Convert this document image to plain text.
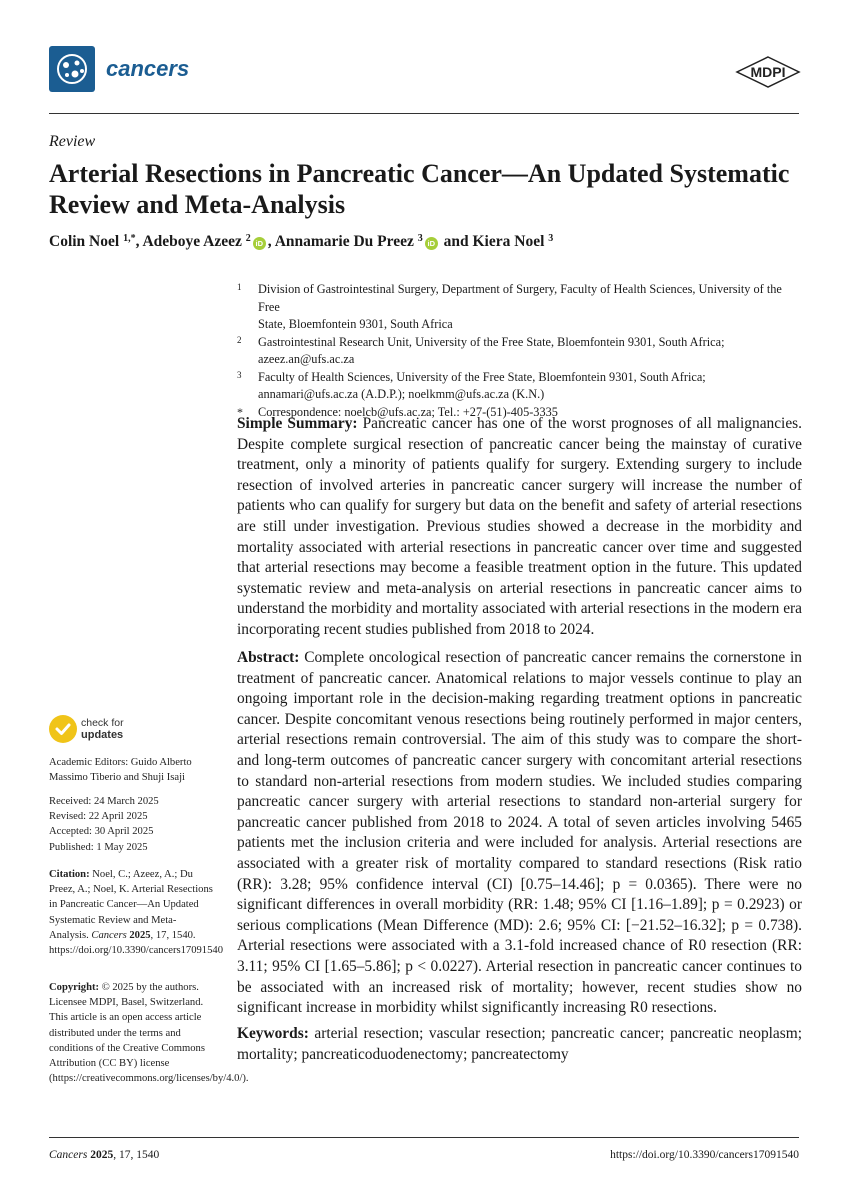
cancers	MDPI
Review
Arterial Resections in Pancreatic Cancer—An Updated Systematic Review and Meta-Analysis
Colin Noel $^{1,*}$, Adeboye Azeez $^2$ iD , Annamarie Du Preez $^3$ iD and Kiera Noel $^3$
1 Division of Gastrointestinal Surgery, Department of Surgery, Faculty of Health Sciences, University of the Free
State, Bloemfontein 9301, South Africa
2 Gastrointestinal Research Unit, University of the Free State, Bloemfontein 9301, South Africa;
azeez.an@ufs.ac.za
3 Faculty of Health Sciences, University of the Free State, Bloemfontein 9301, South Africa;
annamari@ufs.ac.za (A.D.P.); noelkmm@ufs.ac.za (K.N.)
* Correspondence: noelcb@ufs.ac.za; Tel.: +27-(51)-405-3335
Simple Summary: Pancreatic cancer has one of the worst prognoses of all malignancies. Despite complete surgical resection of pancreatic cancer being the mainstay of curative treatment, only a minority of patients qualify for surgery. Extending surgery to include resection of involved arteries in pancreatic cancer surgery will increase the number of patients who can qualify for surgery but data on the benefit and safety of arterial resections are still under investigation. Previous studies showed a decrease in the morbidity and mortality associated with arterial resections in pancreatic cancer over time and suggested that arterial resections may become a feasible treatment option in the future. This updated systematic review and meta-analysis on arterial resections in pancreatic cancer aims to understand the morbidity and mortality associated with arterial resections in the modern era incorporating recent studies published from 2018 to 2024.
Abstract: Complete oncological resection of pancreatic cancer remains the cornerstone in treatment of pancreatic cancer. Anatomical relations to major vessels continue to play an ongoing important role in the decision-making regarding treatment options in pancreatic cancer. Despite concomitant venous resections being routinely performed in major centers, arterial resections remain controversial. The aim of this study was to compare the short- and long-term outcomes of pancreatic cancer surgery with concomitant arterial resections to standard non-arterial resections from modern studies. We included studies comparing pancreatic cancer surgery with arterial resections to standard non-arterial surgery for pancreatic cancer published from 2018 to 2024. A total of seven articles involving 5465 patients met the inclusion criteria and were included for analysis. Arterial resections are associated with a greater risk of mortality compared to standard resections (Risk ratio (RR): 3.28; 95% confidence interval (CI) [0.75–14.46]; p = 0.0365). There were no significant differences in overall morbidity (RR: 1.48; 95% CI [1.16–1.89]; p = 0.2923) or serious complications (Mean Difference (MD): 2.6; 95% CI: [−21.52–16.32]; p = 0.738). Arterial resections were associated with a 3.1-fold increased chance of R0 resection (RR: 3.11; 95% CI [1.65–5.86]; p < 0.0227). Arterial resection in pancreatic cancer continues to be associated with an increased risk of mortality; however, recent studies show no significant increase in morbidity whilst significantly increasing R0 resections.
Keywords: arterial resection; vascular resection; pancreatic cancer; pancreatic neoplasm; mortality; pancreaticoduodenectomy; pancreatectomy
check for
updates
Academic Editors: Guido Alberto Massimo Tiberio and Shuji Isaji
Received: 24 March 2025
Revised: 22 April 2025
Accepted: 30 April 2025
Published: 1 May 2025
Citation: Noel, C.; Azeez, A.; Du Preez, A.; Noel, K. Arterial Resections in Pancreatic Cancer—An Updated Systematic Review and Meta-Analysis. Cancers 2025, 17, 1540. https://doi.org/10.3390/cancers17091540
Copyright: © 2025 by the authors. Licensee MDPI, Basel, Switzerland. This article is an open access article distributed under the terms and conditions of the Creative Commons Attribution (CC BY) license (https://creativecommons.org/licenses/by/4.0/).
Cancers 2025, 17, 1540	https://doi.org/10.3390/cancers17091540
